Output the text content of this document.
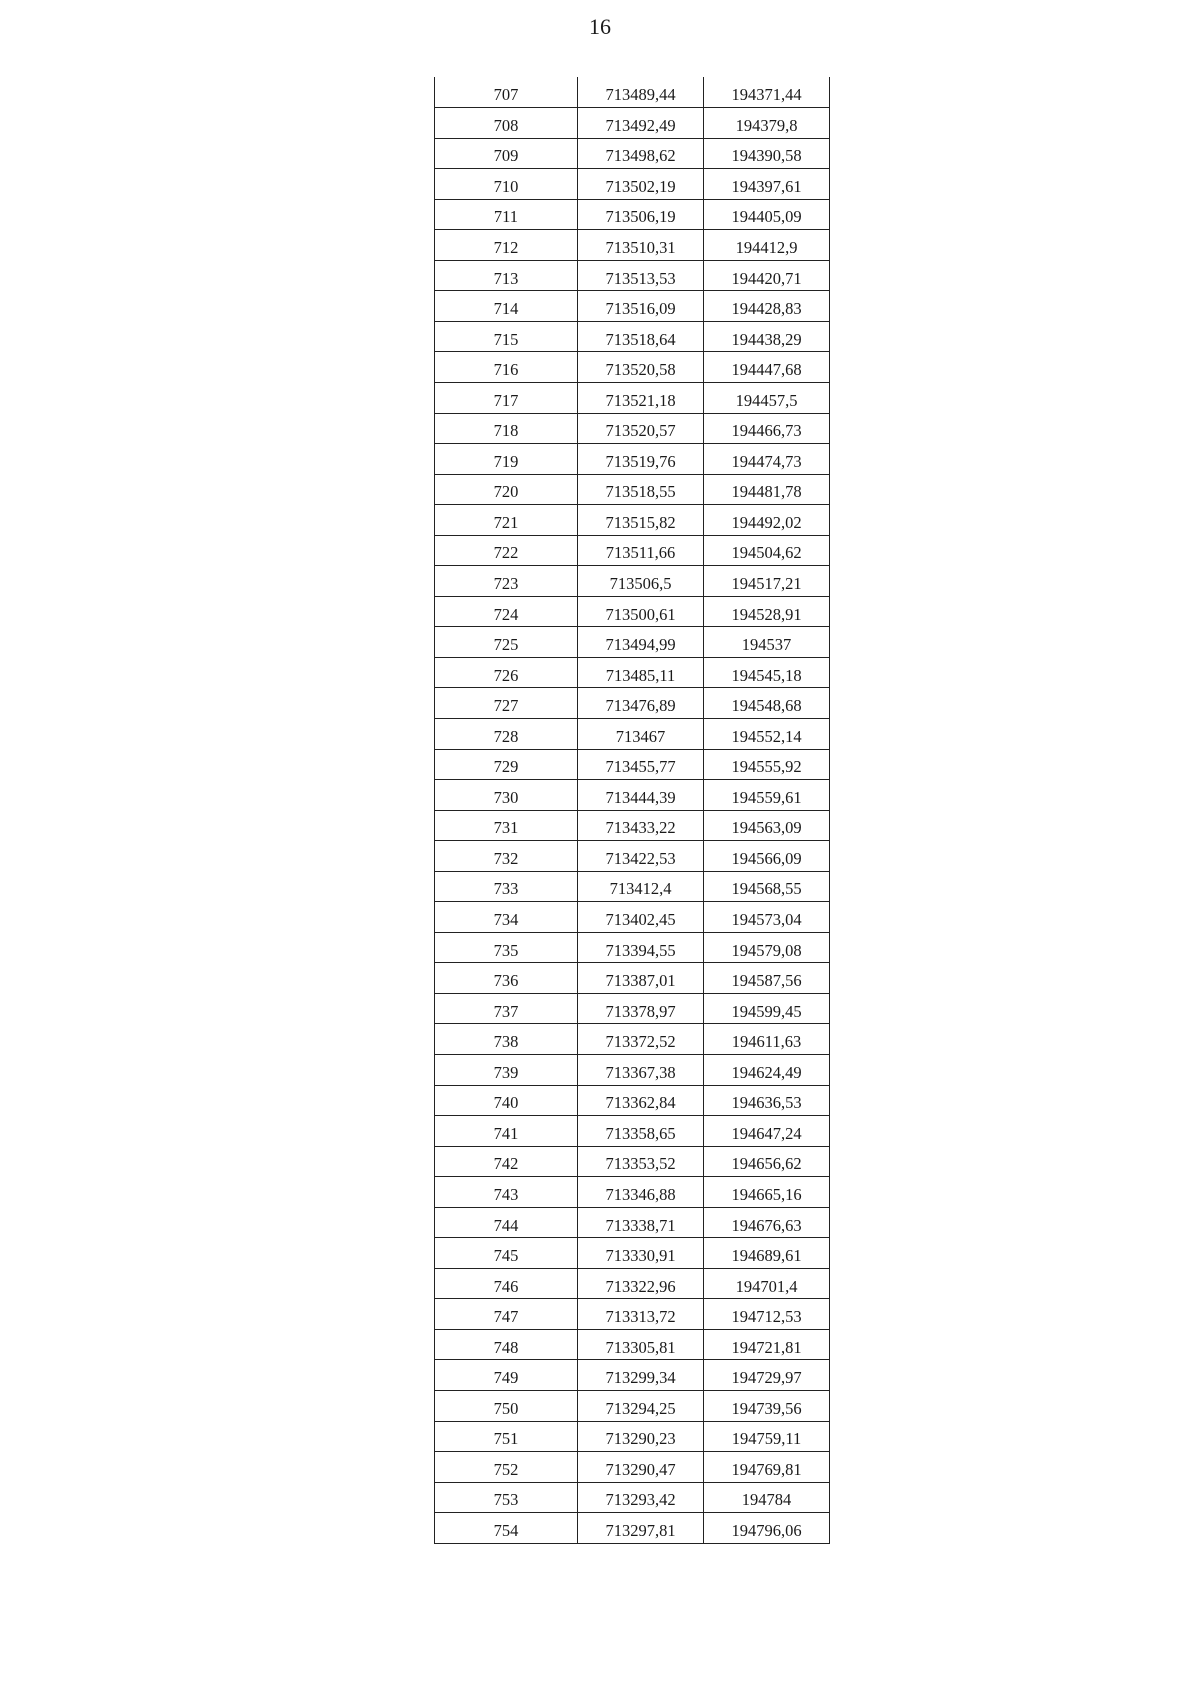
16
707	713489,44	194371,44
708	713492,49	194379,8
709	713498,62	194390,58
710	713502,19	194397,61
711	713506,19	194405,09
712	713510,31	194412,9
713	713513,53	194420,71
714	713516,09	194428,83
715	713518,64	194438,29
716	713520,58	194447,68
717	713521,18	194457,5
718	713520,57	194466,73
719	713519,76	194474,73
720	713518,55	194481,78
721	713515,82	194492,02
722	713511,66	194504,62
723	713506,5	194517,21
724	713500,61	194528,91
725	713494,99	194537
726	713485,11	194545,18
727	713476,89	194548,68
728	713467	194552,14
729	713455,77	194555,92
730	713444,39	194559,61
731	713433,22	194563,09
732	713422,53	194566,09
733	713412,4	194568,55
734	713402,45	194573,04
735	713394,55	194579,08
736	713387,01	194587,56
737	713378,97	194599,45
738	713372,52	194611,63
739	713367,38	194624,49
740	713362,84	194636,53
741	713358,65	194647,24
742	713353,52	194656,62
743	713346,88	194665,16
744	713338,71	194676,63
745	713330,91	194689,61
746	713322,96	194701,4
747	713313,72	194712,53
748	713305,81	194721,81
749	713299,34	194729,97
750	713294,25	194739,56
751	713290,23	194759,11
752	713290,47	194769,81
753	713293,42	194784
754	713297,81	194796,06
